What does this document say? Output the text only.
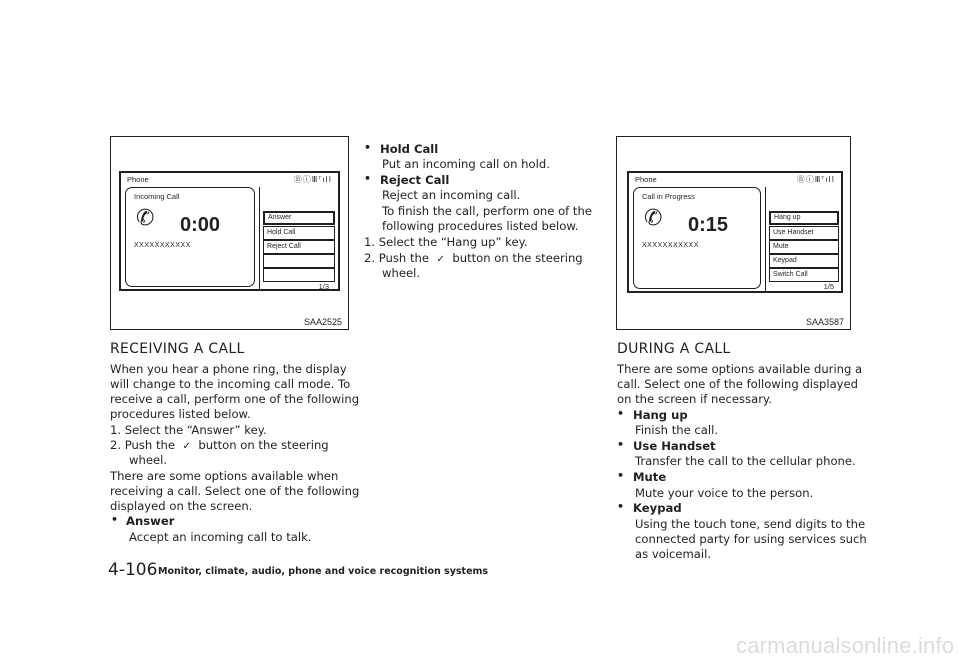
Phone	ⒷⓘⅢᵀıll
Incoming Call
✆ 0:00
XXXXXXXXXXX
Answer
Hold Call
Reject Call
1/3
SAA2525
Phone	ⒷⓘⅢᵀıll
Call in Progress
✆ 0:15
XXXXXXXXXXX
Hang up
Use Handset
Mute
Keypad
Switch Call
1/5
SAA3587
RECEIVING A CALL
When you hear a phone ring, the display
will change to the incoming call mode. To
receive a call, perform one of the following
procedures listed below.
1. Select the “Answer” key.
2. Push the ✓ button on the steering
wheel.
There are some options available when
receiving a call. Select one of the following
displayed on the screen.
• Answer
Accept an incoming call to talk.
• Hold Call
Put an incoming call on hold.
• Reject Call
Reject an incoming call.
To finish the call, perform one of the
following procedures listed below.
1. Select the “Hang up” key.
2. Push the ✓ button on the steering
wheel.
DURING A CALL
There are some options available during a
call. Select one of the following displayed
on the screen if necessary.
• Hang up
Finish the call.
• Use Handset
Transfer the call to the cellular phone.
• Mute
Mute your voice to the person.
• Keypad
Using the touch tone, send digits to the
connected party for using services such
as voicemail.
4-106 Monitor, climate, audio, phone and voice recognition systems
carmanualsonline.info
